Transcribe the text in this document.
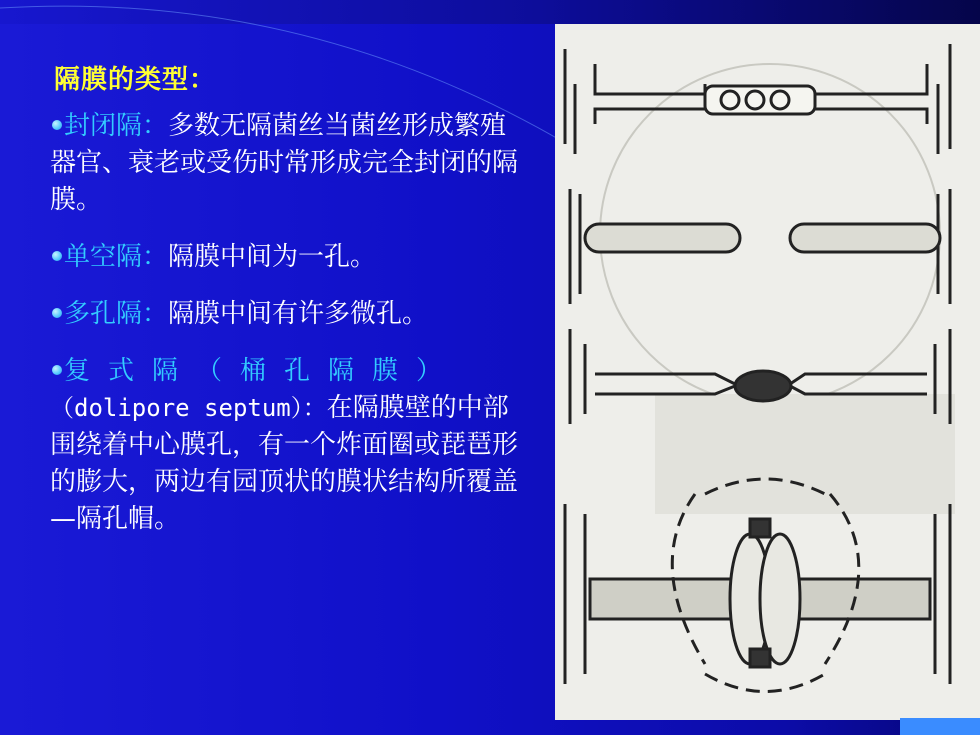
隔膜的类型：
封闭隔：多数无隔菌丝当菌丝形成繁殖器官、衰老或受伤时常形成完全封闭的隔膜。
单空隔：隔膜中间为一孔。
多孔隔：隔膜中间有许多微孔。
复式隔（桶孔隔膜）
（dolipore septum）：在隔膜壁的中部围绕着中心膜孔，有一个炸面圈或琵琶形的膨大，两边有园顶状的膜状结构所覆盖—隔孔帽。
